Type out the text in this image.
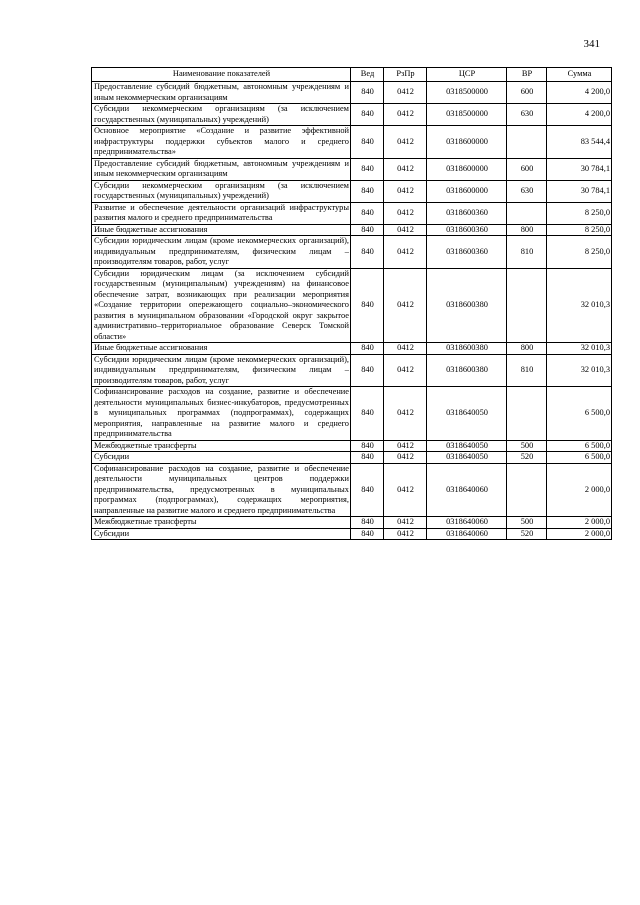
341
Наименование показателей	Вед	РзПр	ЦСР	ВР	Сумма
Предоставление субсидий бюджетным, автономным учреждениям и иным некоммерческим организациям	840	0412	0318500000	600	4 200,0
Субсидии некоммерческим организациям (за исключением государственных (муниципальных) учреждений)	840	0412	0318500000	630	4 200,0
Основное мероприятие «Создание и развитие эффективной инфраструктуры поддержки субъектов малого и среднего предпринимательства»	840	0412	0318600000		83 544,4
Предоставление субсидий бюджетным, автономным учреждениям и иным некоммерческим организациям	840	0412	0318600000	600	30 784,1
Субсидии некоммерческим организациям (за исключением государственных (муниципальных) учреждений)	840	0412	0318600000	630	30 784,1
Развитие и обеспечение деятельности организаций инфраструктуры развития малого и среднего предпринимательства	840	0412	0318600360		8 250,0
Иные бюджетные ассигнования	840	0412	0318600360	800	8 250,0
Субсидии юридическим лицам (кроме некоммерческих организаций), индивидуальным предпринимателям, физическим лицам – производителям товаров, работ, услуг	840	0412	0318600360	810	8 250,0
Субсидии юридическим лицам (за исключением субсидий государственным (муниципальным) учреждениям) на финансовое обеспечение затрат, возникающих при реализации мероприятия «Создание территории опережающего социально–экономического развития в муниципальном образовании «Городской округ закрытое административно–территориальное образование Северск Томской области»	840	0412	0318600380		32 010,3
Иные бюджетные ассигнования	840	0412	0318600380	800	32 010,3
Субсидии юридическим лицам (кроме некоммерческих организаций), индивидуальным предпринимателям, физическим лицам – производителям товаров, работ, услуг	840	0412	0318600380	810	32 010,3
Софинансирование расходов на создание, развитие и обеспечение деятельности муниципальных бизнес-инкубаторов, предусмотренных в муниципальных программах (подпрограммах), содержащих мероприятия, направленные на развитие малого и среднего предпринимательства	840	0412	0318640050		6 500,0
Межбюджетные трансферты	840	0412	0318640050	500	6 500,0
Субсидии	840	0412	0318640050	520	6 500,0
Софинансирование расходов на создание, развитие и обеспечение деятельности муниципальных центров поддержки предпринимательства, предусмотренных в муниципальных программах (подпрограммах), содержащих мероприятия, направленные на развитие малого и среднего предпринимательства	840	0412	0318640060		2 000,0
Межбюджетные трансферты	840	0412	0318640060	500	2 000,0
Субсидии	840	0412	0318640060	520	2 000,0
